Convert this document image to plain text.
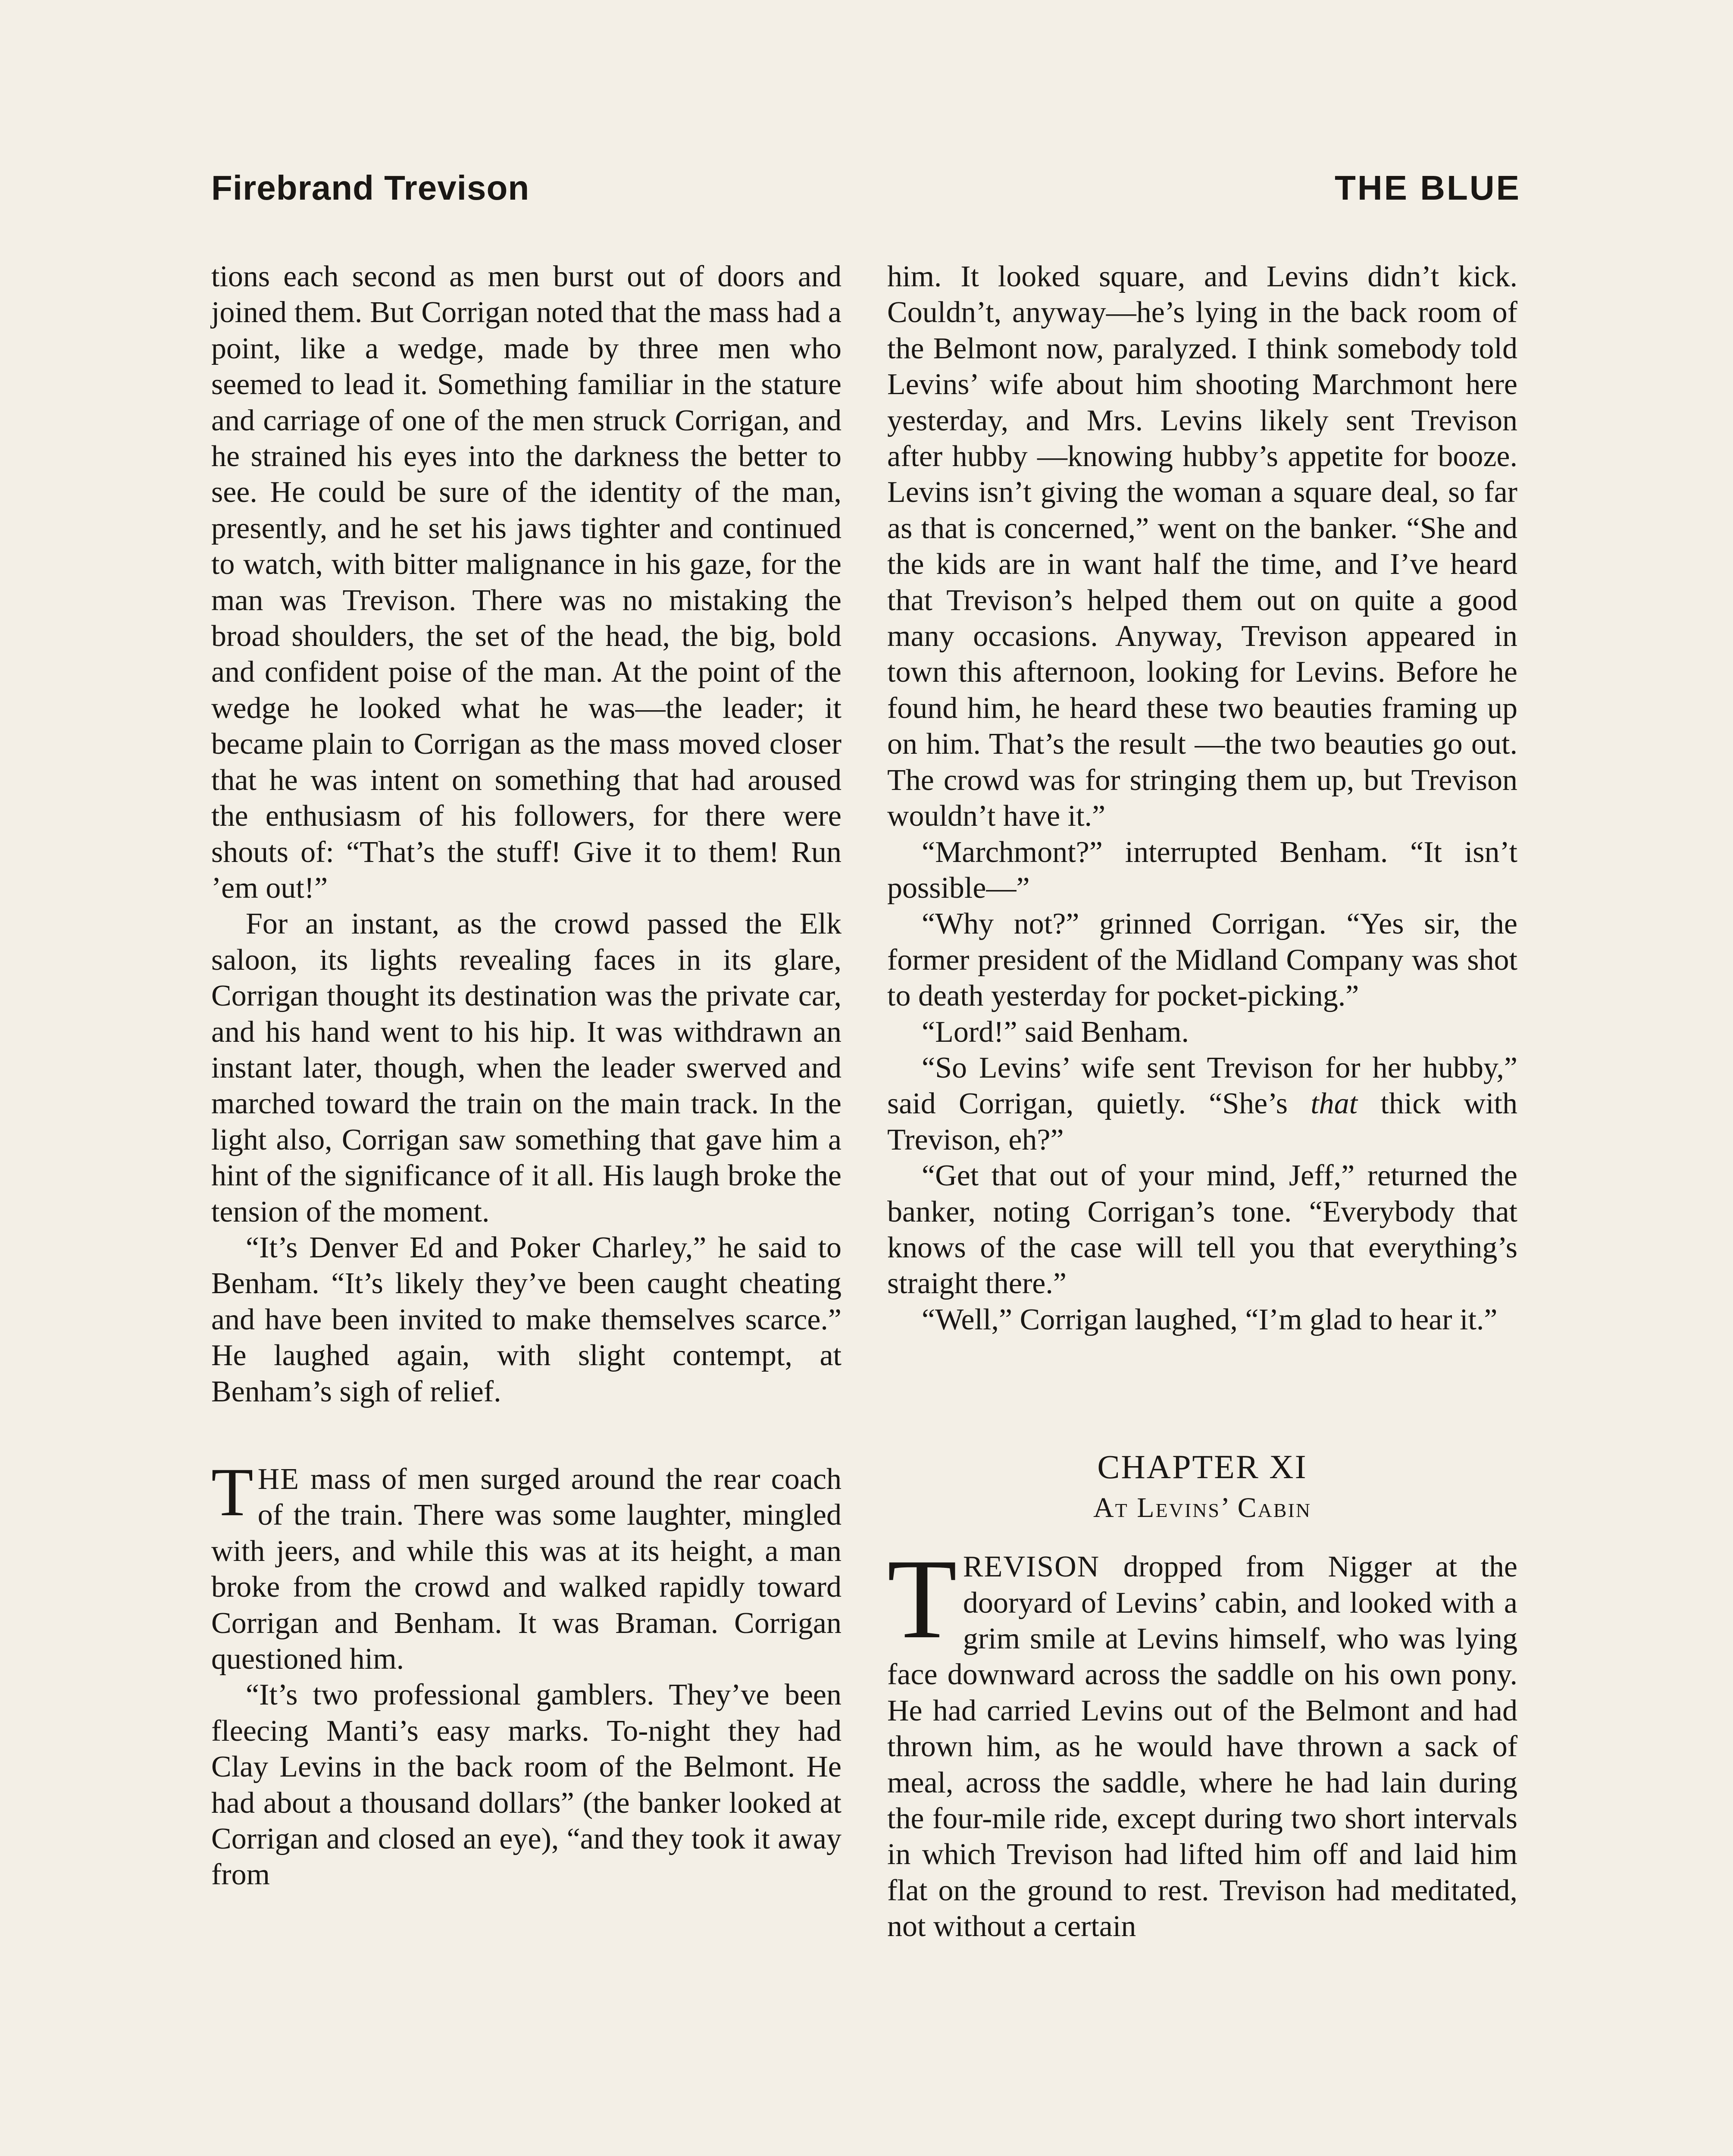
Firebrand Trevison	THE BLUE

tions each second as men burst out of doors and joined them. But Corrigan noted that the mass had a point, like a wedge, made by three men who seemed to lead it. Something familiar in the stature and carriage of one of the men struck Corrigan, and he strained his eyes into the darkness the better to see. He could be sure of the identity of the man, presently, and he set his jaws tighter and continued to watch, with bitter malignance in his gaze, for the man was Trevison. There was no mistaking the broad shoulders, the set of the head, the big, bold and confident poise of the man. At the point of the wedge he looked what he was—the leader; it became plain to Corrigan as the mass moved closer that he was intent on something that had aroused the enthusiasm of his followers, for there were shouts of: “That’s the stuff! Give it to them! Run ’em out!”

For an instant, as the crowd passed the Elk saloon, its lights revealing faces in its glare, Corrigan thought its destination was the private car, and his hand went to his hip. It was withdrawn an instant later, though, when the leader swerved and marched toward the train on the main track. In the light also, Corrigan saw something that gave him a hint of the significance of it all. His laugh broke the tension of the moment.

“It’s Denver Ed and Poker Charley,” he said to Benham. “It’s likely they’ve been caught cheating and have been invited to make themselves scarce.” He laughed again, with slight contempt, at Benham’s sigh of relief.

THE mass of men surged around the rear coach of the train. There was some laughter, mingled with jeers, and while this was at its height, a man broke from the crowd and walked rapidly toward Corrigan and Benham. It was Braman. Corrigan questioned him.

“It’s two professional gamblers. They’ve been fleecing Manti’s easy marks. To-night they had Clay Levins in the back room of the Belmont. He had about a thousand dollars” (the banker looked at Corrigan and closed an eye), “and they took it away from

him. It looked square, and Levins didn’t kick. Couldn’t, anyway—he’s lying in the back room of the Belmont now, paralyzed. I think somebody told Levins’ wife about him shooting Marchmont here yesterday, and Mrs. Levins likely sent Trevison after hubby —knowing hubby’s appetite for booze. Levins isn’t giving the woman a square deal, so far as that is concerned,” went on the banker. “She and the kids are in want half the time, and I’ve heard that Trevison’s helped them out on quite a good many occasions. Anyway, Trevison appeared in town this afternoon, looking for Levins. Before he found him, he heard these two beauties framing up on him. That’s the result —the two beauties go out. The crowd was for stringing them up, but Trevison wouldn’t have it.”

“Marchmont?” interrupted Benham. “It isn’t possible—”

“Why not?” grinned Corrigan. “Yes sir, the former president of the Midland Company was shot to death yesterday for pocket-picking.”

“Lord!” said Benham.

“So Levins’ wife sent Trevison for her hubby,” said Corrigan, quietly. “She’s that thick with Trevison, eh?”

“Get that out of your mind, Jeff,” returned the banker, noting Corrigan’s tone. “Everybody that knows of the case will tell you that everything’s straight there.”

“Well,” Corrigan laughed, “I’m glad to hear it.”

CHAPTER XI
At Levins’ Cabin

TREVISON dropped from Nigger at the dooryard of Levins’ cabin, and looked with a grim smile at Levins himself, who was lying face downward across the saddle on his own pony. He had carried Levins out of the Belmont and had thrown him, as he would have thrown a sack of meal, across the saddle, where he had lain during the four-mile ride, except during two short intervals in which Trevison had lifted him off and laid him flat on the ground to rest. Trevison had meditated, not without a certain
